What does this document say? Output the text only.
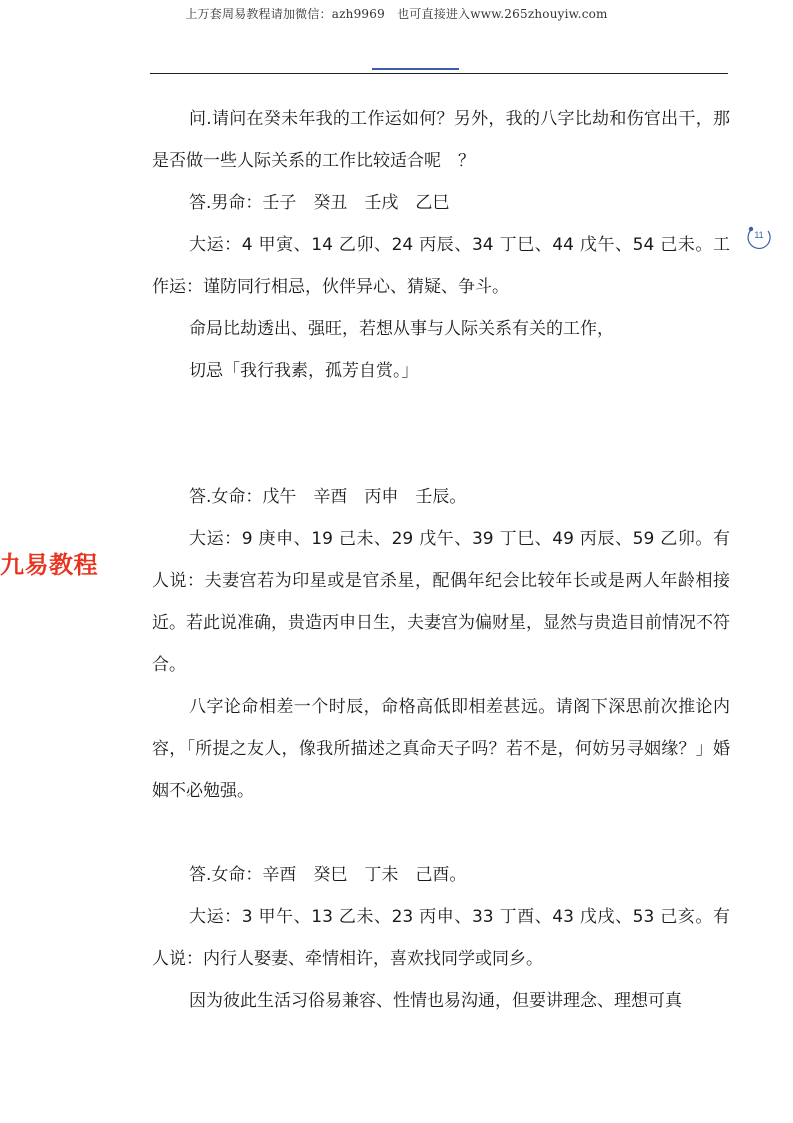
上万套周易教程请加微信：azh9969　也可直接进入www.265zhouyiw.com
11
九易教程

问.请问在癸未年我的工作运如何？另外，我的八字比劫和伤官出干，那是否做一些人际关系的工作比较适合呢　？

答.男命：壬子　癸丑　壬戌　乙巳

大运：4 甲寅、14 乙卯、24 丙辰、34 丁巳、44 戊午、54 己未。工作运：谨防同行相忌，伙伴异心、猜疑、争斗。

命局比劫透出、强旺，若想从事与人际关系有关的工作，

切忌「我行我素，孤芳自赏。」

答.女命：戊午　辛酉　丙申　壬辰。

大运：9 庚申、19 己未、29 戊午、39 丁巳、49 丙辰、59 乙卯。有人说：夫妻宫若为印星或是官杀星，配偶年纪会比较年长或是两人年龄相接近。若此说准确，贵造丙申日生，夫妻宫为偏财星，显然与贵造目前情况不符合。

八字论命相差一个时辰，命格高低即相差甚远。请阁下深思前次推论内容，「所提之友人，像我所描述之真命天子吗？若不是，何妨另寻姻缘？」婚姻不必勉强。

答.女命：辛酉　癸巳　丁未　己酉。

大运：3 甲午、13 乙未、23 丙申、33 丁酉、43 戊戌、53 己亥。有人说：内行人娶妻、牵情相许，喜欢找同学或同乡。

因为彼此生活习俗易兼容、性情也易沟通，但要讲理念、理想可真
